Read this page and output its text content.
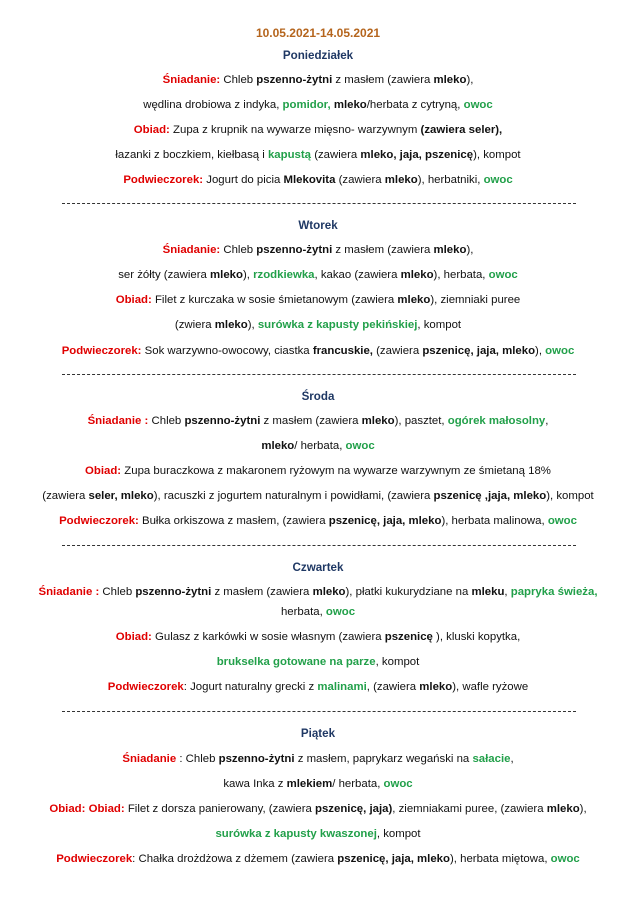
10.05.2021-14.05.2021
Poniedziałek
Śniadanie: Chleb pszenno-żytni z masłem (zawiera mleko),
wędlina drobiowa z indyka, pomidor, mleko/herbata z cytryną, owoc
Obiad: Zupa z krupnik na wywarze mięsno- warzywnym (zawiera seler),
łazanki z boczkiem, kiełbasą i kapustą (zawiera mleko, jaja, pszenicę), kompot
Podwieczorek: Jogurt do picia Mlekovita (zawiera mleko), herbatniki, owoc
Wtorek
Śniadanie: Chleb pszenno-żytni z masłem (zawiera mleko),
ser żółty (zawiera mleko), rzodkiewka, kakao (zawiera mleko), herbata, owoc
Obiad: Filet z kurczaka w sosie śmietanowym (zawiera mleko), ziemniaki puree
(zwiera mleko), surówka z kapusty pekińskiej, kompot
Podwieczorek: Sok warzywno-owocowy, ciastka francuskie, (zawiera pszenicę, jaja, mleko), owoc
Środa
Śniadanie : Chleb pszenno-żytni z masłem (zawiera mleko), pasztet, ogórek małosolny,
mleko/ herbata, owoc
Obiad: Zupa buraczkowa z makaronem ryżowym na wywarze warzywnym ze śmietaną 18%
(zawiera seler, mleko), racuszki z jogurtem naturalnym i powidłami, (zawiera pszenicę ,jaja, mleko), kompot
Podwieczorek: Bułka orkiszowa z masłem, (zawiera pszenicę, jaja, mleko), herbata malinowa, owoc
Czwartek
Śniadanie : Chleb pszenno-żytni z masłem (zawiera mleko), płatki kukurydziane na mleku, papryka świeża,
herbata, owoc
Obiad: Gulasz z karkówki w sosie własnym (zawiera pszenicę ), kluski kopytka,
brukselka gotowane na parze, kompot
Podwieczorek: Jogurt naturalny grecki z malinami, (zawiera mleko), wafle ryżowe
Piątek
Śniadanie : Chleb pszenno-żytni z masłem, paprykarz wegański na sałacie,
kawa Inka z mlekiem/ herbata, owoc
Obiad: Obiad: Filet z dorsza panierowany, (zawiera pszenicę, jaja), ziemniakami puree, (zawiera mleko),
surówka z kapusty kwaszonej, kompot
Podwieczorek: Chałka drożdżowa z dżemem (zawiera pszenicę, jaja, mleko), herbata miętowa, owoc
